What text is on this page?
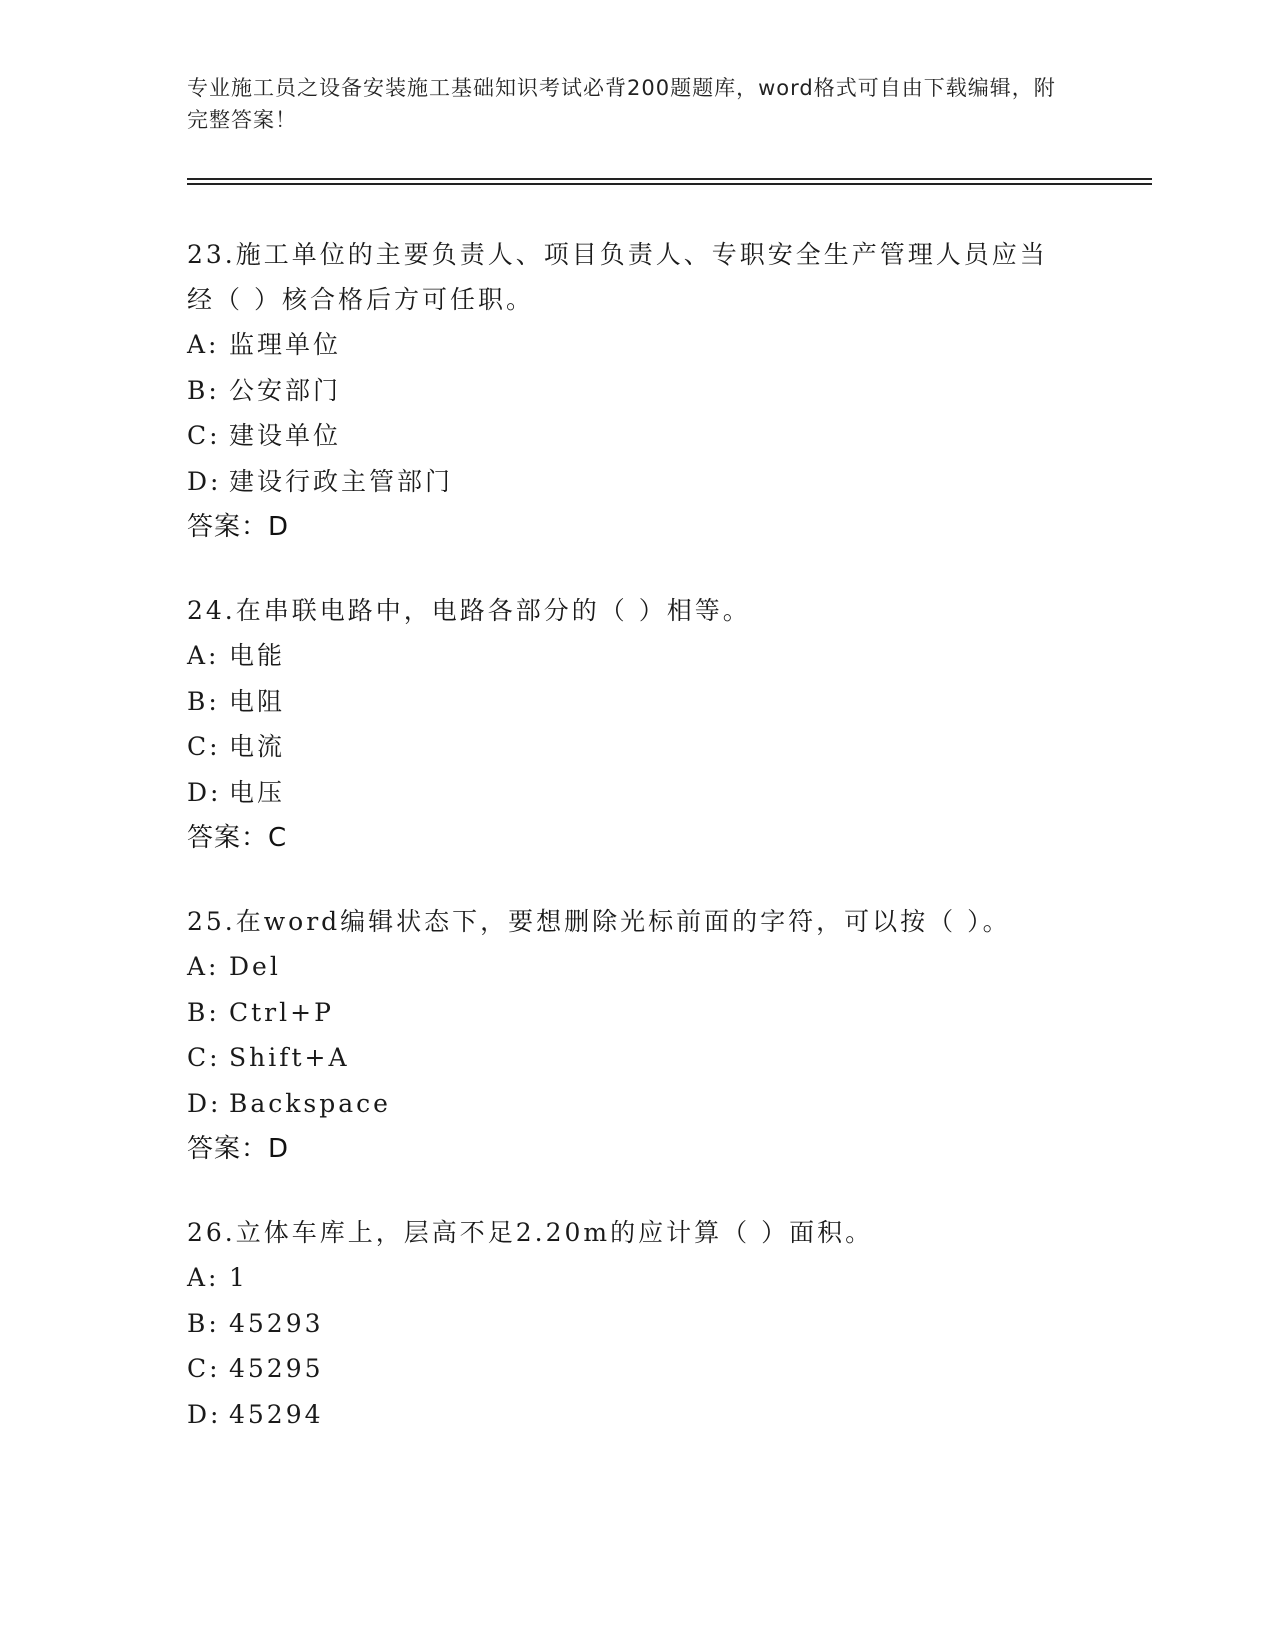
专业施工员之设备安装施工基础知识考试必背200题题库，word格式可自由下载编辑，附完整答案！
23.施工单位的主要负责人、项目负责人、专职安全生产管理人员应当经（ ）核合格后方可任职。
A: 监理单位
B: 公安部门
C: 建设单位
D: 建设行政主管部门
答案：D
24.在串联电路中，电路各部分的（ ）相等。
A: 电能
B: 电阻
C: 电流
D: 电压
答案：C
25.在word编辑状态下，要想删除光标前面的字符，可以按（ ）。
A: Del
B: Ctrl+P
C: Shift+A
D: Backspace
答案：D
26.立体车库上，层高不足2.20m的应计算（ ）面积。
A: 1
B: 45293
C: 45295
D: 45294
